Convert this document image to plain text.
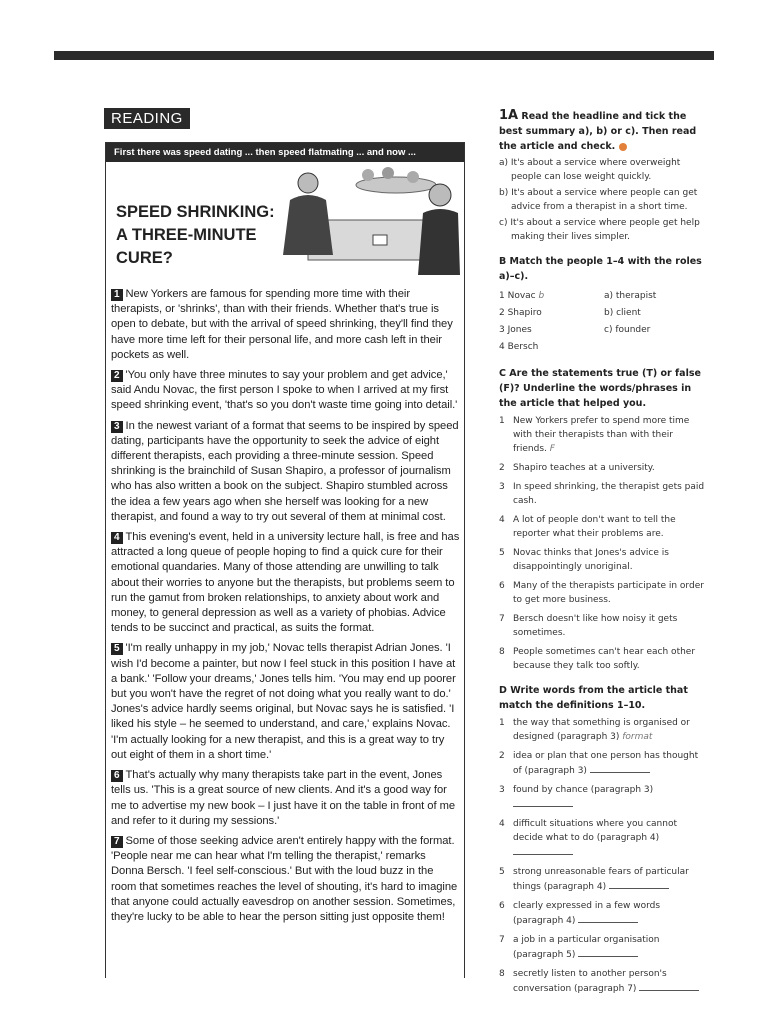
READING
First there was speed dating ... then speed flatmating ... and now ...
SPEED SHRINKING:
A THREE-MINUTE
CURE?

1 New Yorkers are famous for spending more time with their therapists, or 'shrinks', than with their friends. Whether that's true is open to debate, but with the arrival of speed shrinking, they'll find they have more time left for their personal life, and more cash left in their pockets as well.

2 'You only have three minutes to say your problem and get advice,' said Andu Novac, the first person I spoke to when I arrived at my first speed shrinking event, 'that's so you don't waste time going into detail.'

3 In the newest variant of a format that seems to be inspired by speed dating, participants have the opportunity to seek the advice of eight different therapists, each providing a three-minute session. Speed shrinking is the brainchild of Susan Shapiro, a professor of journalism who has also written a book on the subject. Shapiro stumbled across the idea a few years ago when she herself was looking for a new therapist, and found a way to try out several of them at minimal cost.

4 This evening's event, held in a university lecture hall, is free and has attracted a long queue of people hoping to find a quick cure for their emotional quandaries. Many of those attending are unwilling to talk about their worries to anyone but the therapists, but problems seem to run the gamut from broken relationships, to anxiety about work and money, to general depression as well as a variety of phobias. Advice tends to be succinct and practical, as suits the format.

5 'I'm really unhappy in my job,' Novac tells therapist Adrian Jones. 'I wish I'd become a painter, but now I feel stuck in this position I have at a bank.' 'Follow your dreams,' Jones tells him. 'You may end up poorer but you won't have the regret of not doing what you really want to do.' Jones's advice hardly seems original, but Novac says he is satisfied. 'I liked his style – he seemed to understand, and care,' explains Novac. 'I'm actually looking for a new therapist, and this is a great way to try out eight of them in a short time.'

6 That's actually why many therapists take part in the event, Jones tells us. 'This is a great source of new clients. And it's a good way for me to advertise my new book – I just have it on the table in front of me and refer to it during my sessions.'

7 Some of those seeking advice aren't entirely happy with the format. 'People near me can hear what I'm telling the therapist,' remarks Donna Bersch. 'I feel self-conscious.' But with the loud buzz in the room that sometimes reaches the level of shouting, it's hard to imagine that anyone could actually eavesdrop on another session. Sometimes, they're lucky to be able to hear the person sitting just opposite them!

1A Read the headline and tick the best summary a), b) or c). Then read the article and check.
a) It's about a service where overweight people can lose weight quickly.
b) It's about a service where people can get advice from a therapist in a short time.
c) It's about a service where people get help making their lives simpler.
B Match the people 1–4 with the roles a)–c).
1 Novac b	a) therapist
2 Shapiro	b) client
3 Jones	c) founder
4 Bersch
C Are the statements true (T) or false (F)? Underline the words/phrases in the article that helped you.
1 New Yorkers prefer to spend more time with their therapists than with their friends. F
2 Shapiro teaches at a university.
3 In speed shrinking, the therapist gets paid cash.
4 A lot of people don't want to tell the reporter what their problems are.
5 Novac thinks that Jones's advice is disappointingly unoriginal.
6 Many of the therapists participate in order to get more business.
7 Bersch doesn't like how noisy it gets sometimes.
8 People sometimes can't hear each other because they talk too softly.
D Write words from the article that match the definitions 1–10.
1 the way that something is organised or designed (paragraph 3) format
2 idea or plan that one person has thought of (paragraph 3)
3 found by chance (paragraph 3)
4 difficult situations where you cannot decide what to do (paragraph 4)
5 strong unreasonable fears of particular things (paragraph 4)
6 clearly expressed in a few words (paragraph 4)
7 a job in a particular organisation (paragraph 5)
8 secretly listen to another person's conversation (paragraph 7)
